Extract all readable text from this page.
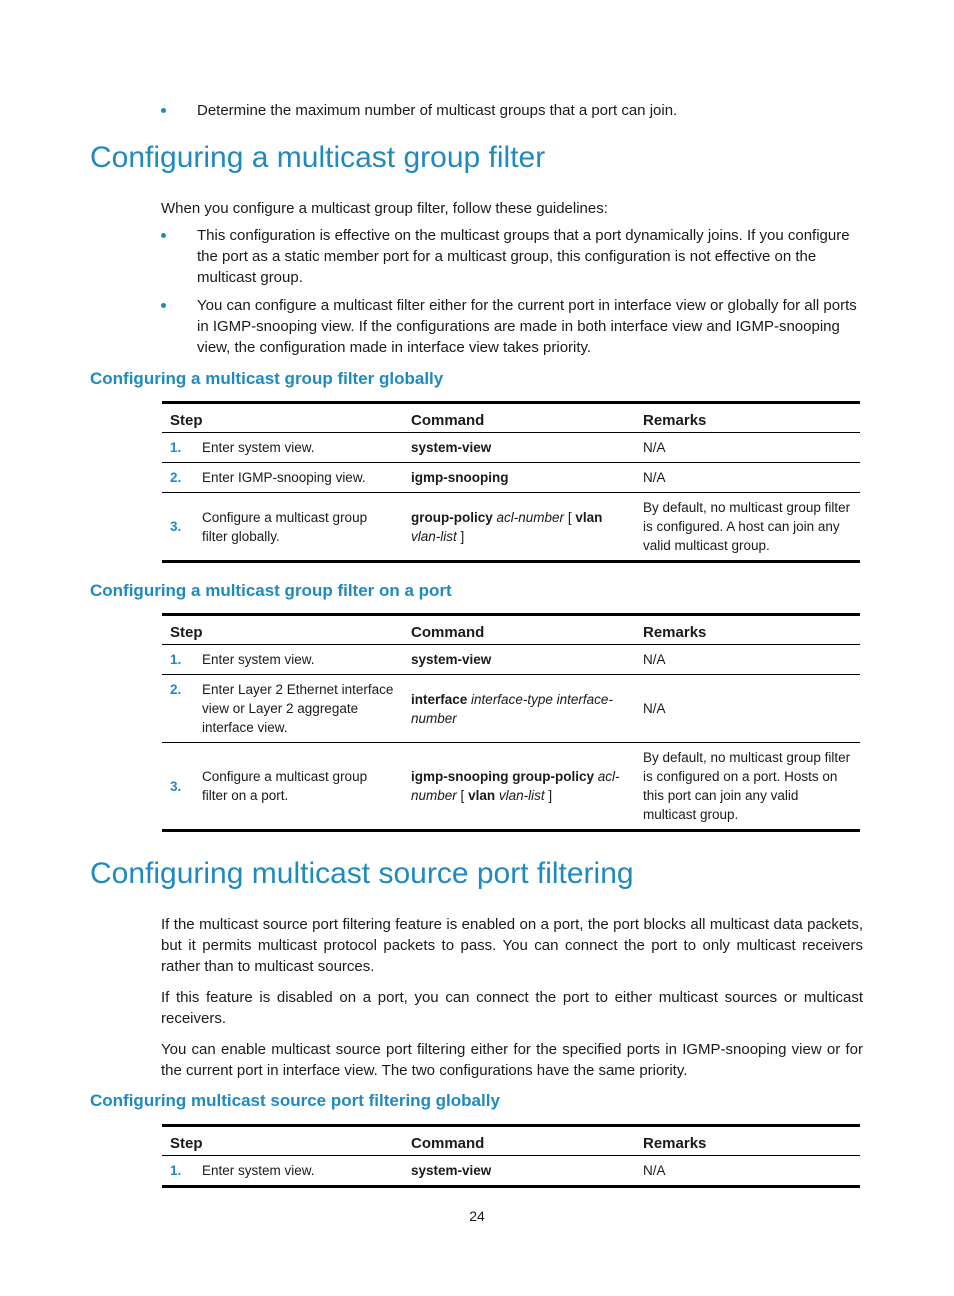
Determine the maximum number of multicast groups that a port can join.
Configuring a multicast group filter
When you configure a multicast group filter, follow these guidelines:
This configuration is effective on the multicast groups that a port dynamically joins. If you configure the port as a static member port for a multicast group, this configuration is not effective on the multicast group.
You can configure a multicast filter either for the current port in interface view or globally for all ports in IGMP-snooping view. If the configurations are made in both interface view and IGMP-snooping view, the configuration made in interface view takes priority.
Configuring a multicast group filter globally
Step		Command	Remarks
1.	Enter system view.	system-view	N/A
2.	Enter IGMP-snooping view.	igmp-snooping	N/A
3.	Configure a multicast group filter globally.	group-policy acl-number [ vlan vlan-list ]	By default, no multicast group filter is configured. A host can join any valid multicast group.
Configuring a multicast group filter on a port
Step		Command	Remarks
1.	Enter system view.	system-view	N/A
2.	Enter Layer 2 Ethernet interface view or Layer 2 aggregate interface view.	interface interface-type interface-number	N/A
3.	Configure a multicast group filter on a port.	igmp-snooping group-policy acl-number [ vlan vlan-list ]	By default, no multicast group filter is configured on a port. Hosts on this port can join any valid multicast group.
Configuring multicast source port filtering
If the multicast source port filtering feature is enabled on a port, the port blocks all multicast data packets, but it permits multicast protocol packets to pass. You can connect the port to only multicast receivers rather than to multicast sources.
If this feature is disabled on a port, you can connect the port to either multicast sources or multicast receivers.
You can enable multicast source port filtering either for the specified ports in IGMP-snooping view or for the current port in interface view. The two configurations have the same priority.
Configuring multicast source port filtering globally
Step		Command	Remarks
1.	Enter system view.	system-view	N/A
24
